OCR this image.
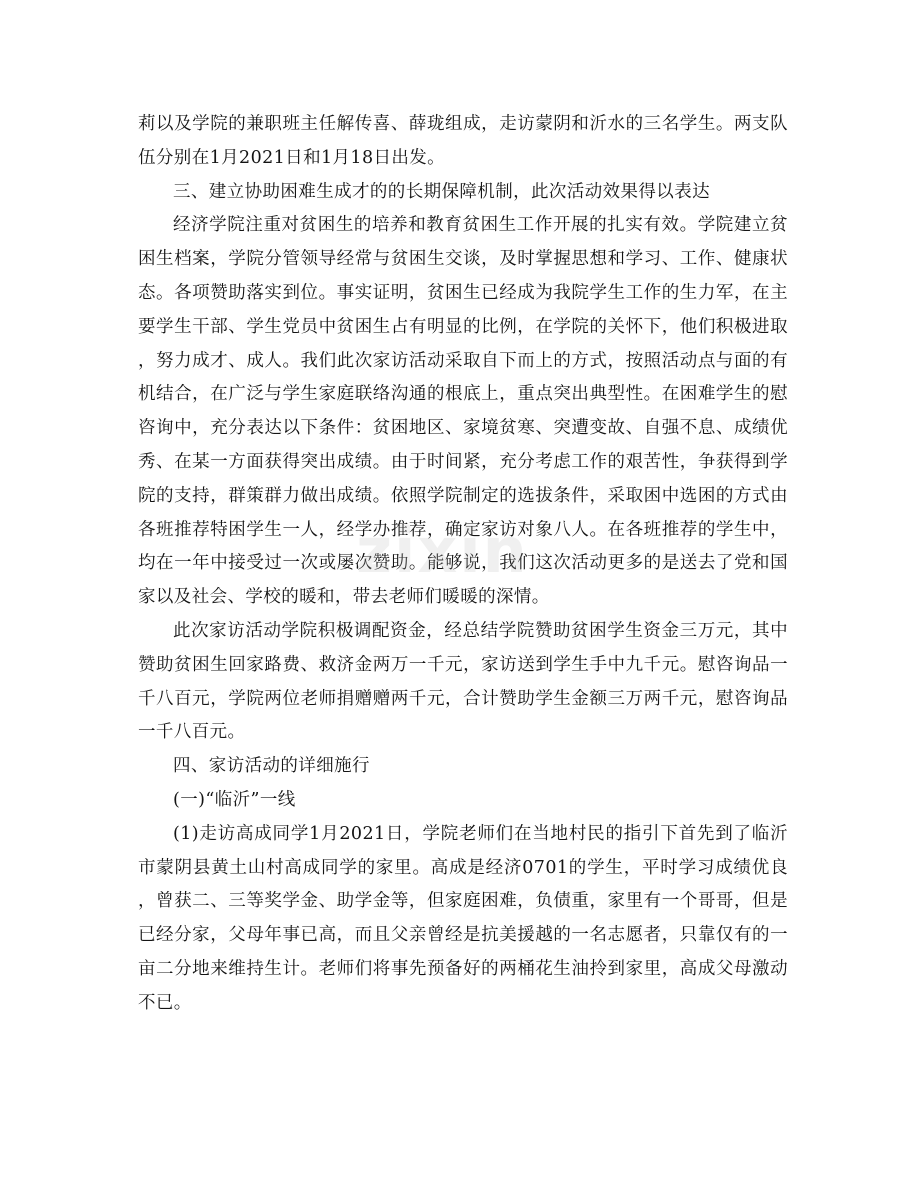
莉以及学院的兼职班主任解传喜、薛珑组成，走访蒙阴和沂水的三名学生。两支队伍分别在1月2021日和1月18日出发。

三、建立协助困难生成才的的长期保障机制，此次活动效果得以表达

经济学院注重对贫困生的培养和教育贫困生工作开展的扎实有效。学院建立贫困生档案，学院分管领导经常与贫困生交谈，及时掌握思想和学习、工作、健康状态。各项赞助落实到位。事实证明，贫困生已经成为我院学生工作的生力军，在主要学生干部、学生党员中贫困生占有明显的比例，在学院的关怀下，他们积极进取，努力成才、成人。我们此次家访活动采取自下而上的方式，按照活动点与面的有机结合，在广泛与学生家庭联络沟通的根底上，重点突出典型性。在困难学生的慰咨询中，充分表达以下条件：贫困地区、家境贫寒、突遭变故、自强不息、成绩优秀、在某一方面获得突出成绩。由于时间紧，充分考虑工作的艰苦性，争获得到学院的支持，群策群力做出成绩。依照学院制定的选拔条件，采取困中选困的方式由各班推荐特困学生一人，经学办推荐，确定家访对象八人。在各班推荐的学生中，均在一年中接受过一次或屡次赞助。能够说，我们这次活动更多的是送去了党和国家以及社会、学校的暖和，带去老师们暖暖的深情。

此次家访活动学院积极调配资金，经总结学院赞助贫困学生资金三万元，其中赞助贫困生回家路费、救济金两万一千元，家访送到学生手中九千元。慰咨询品一千八百元，学院两位老师捐赠赠两千元，合计赞助学生金额三万两千元，慰咨询品一千八百元。

四、家访活动的详细施行

(一)“临沂”一线

(1)走访高成同学1月2021日，学院老师们在当地村民的指引下首先到了临沂市蒙阴县黄土山村高成同学的家里。高成是经济0701的学生，平时学习成绩优良，曾获二、三等奖学金、助学金等，但家庭困难，负债重，家里有一个哥哥，但是已经分家，父母年事已高，而且父亲曾经是抗美援越的一名志愿者，只靠仅有的一亩二分地来维持生计。老师们将事先预备好的两桶花生油拎到家里，高成父母激动不已。

zixin
